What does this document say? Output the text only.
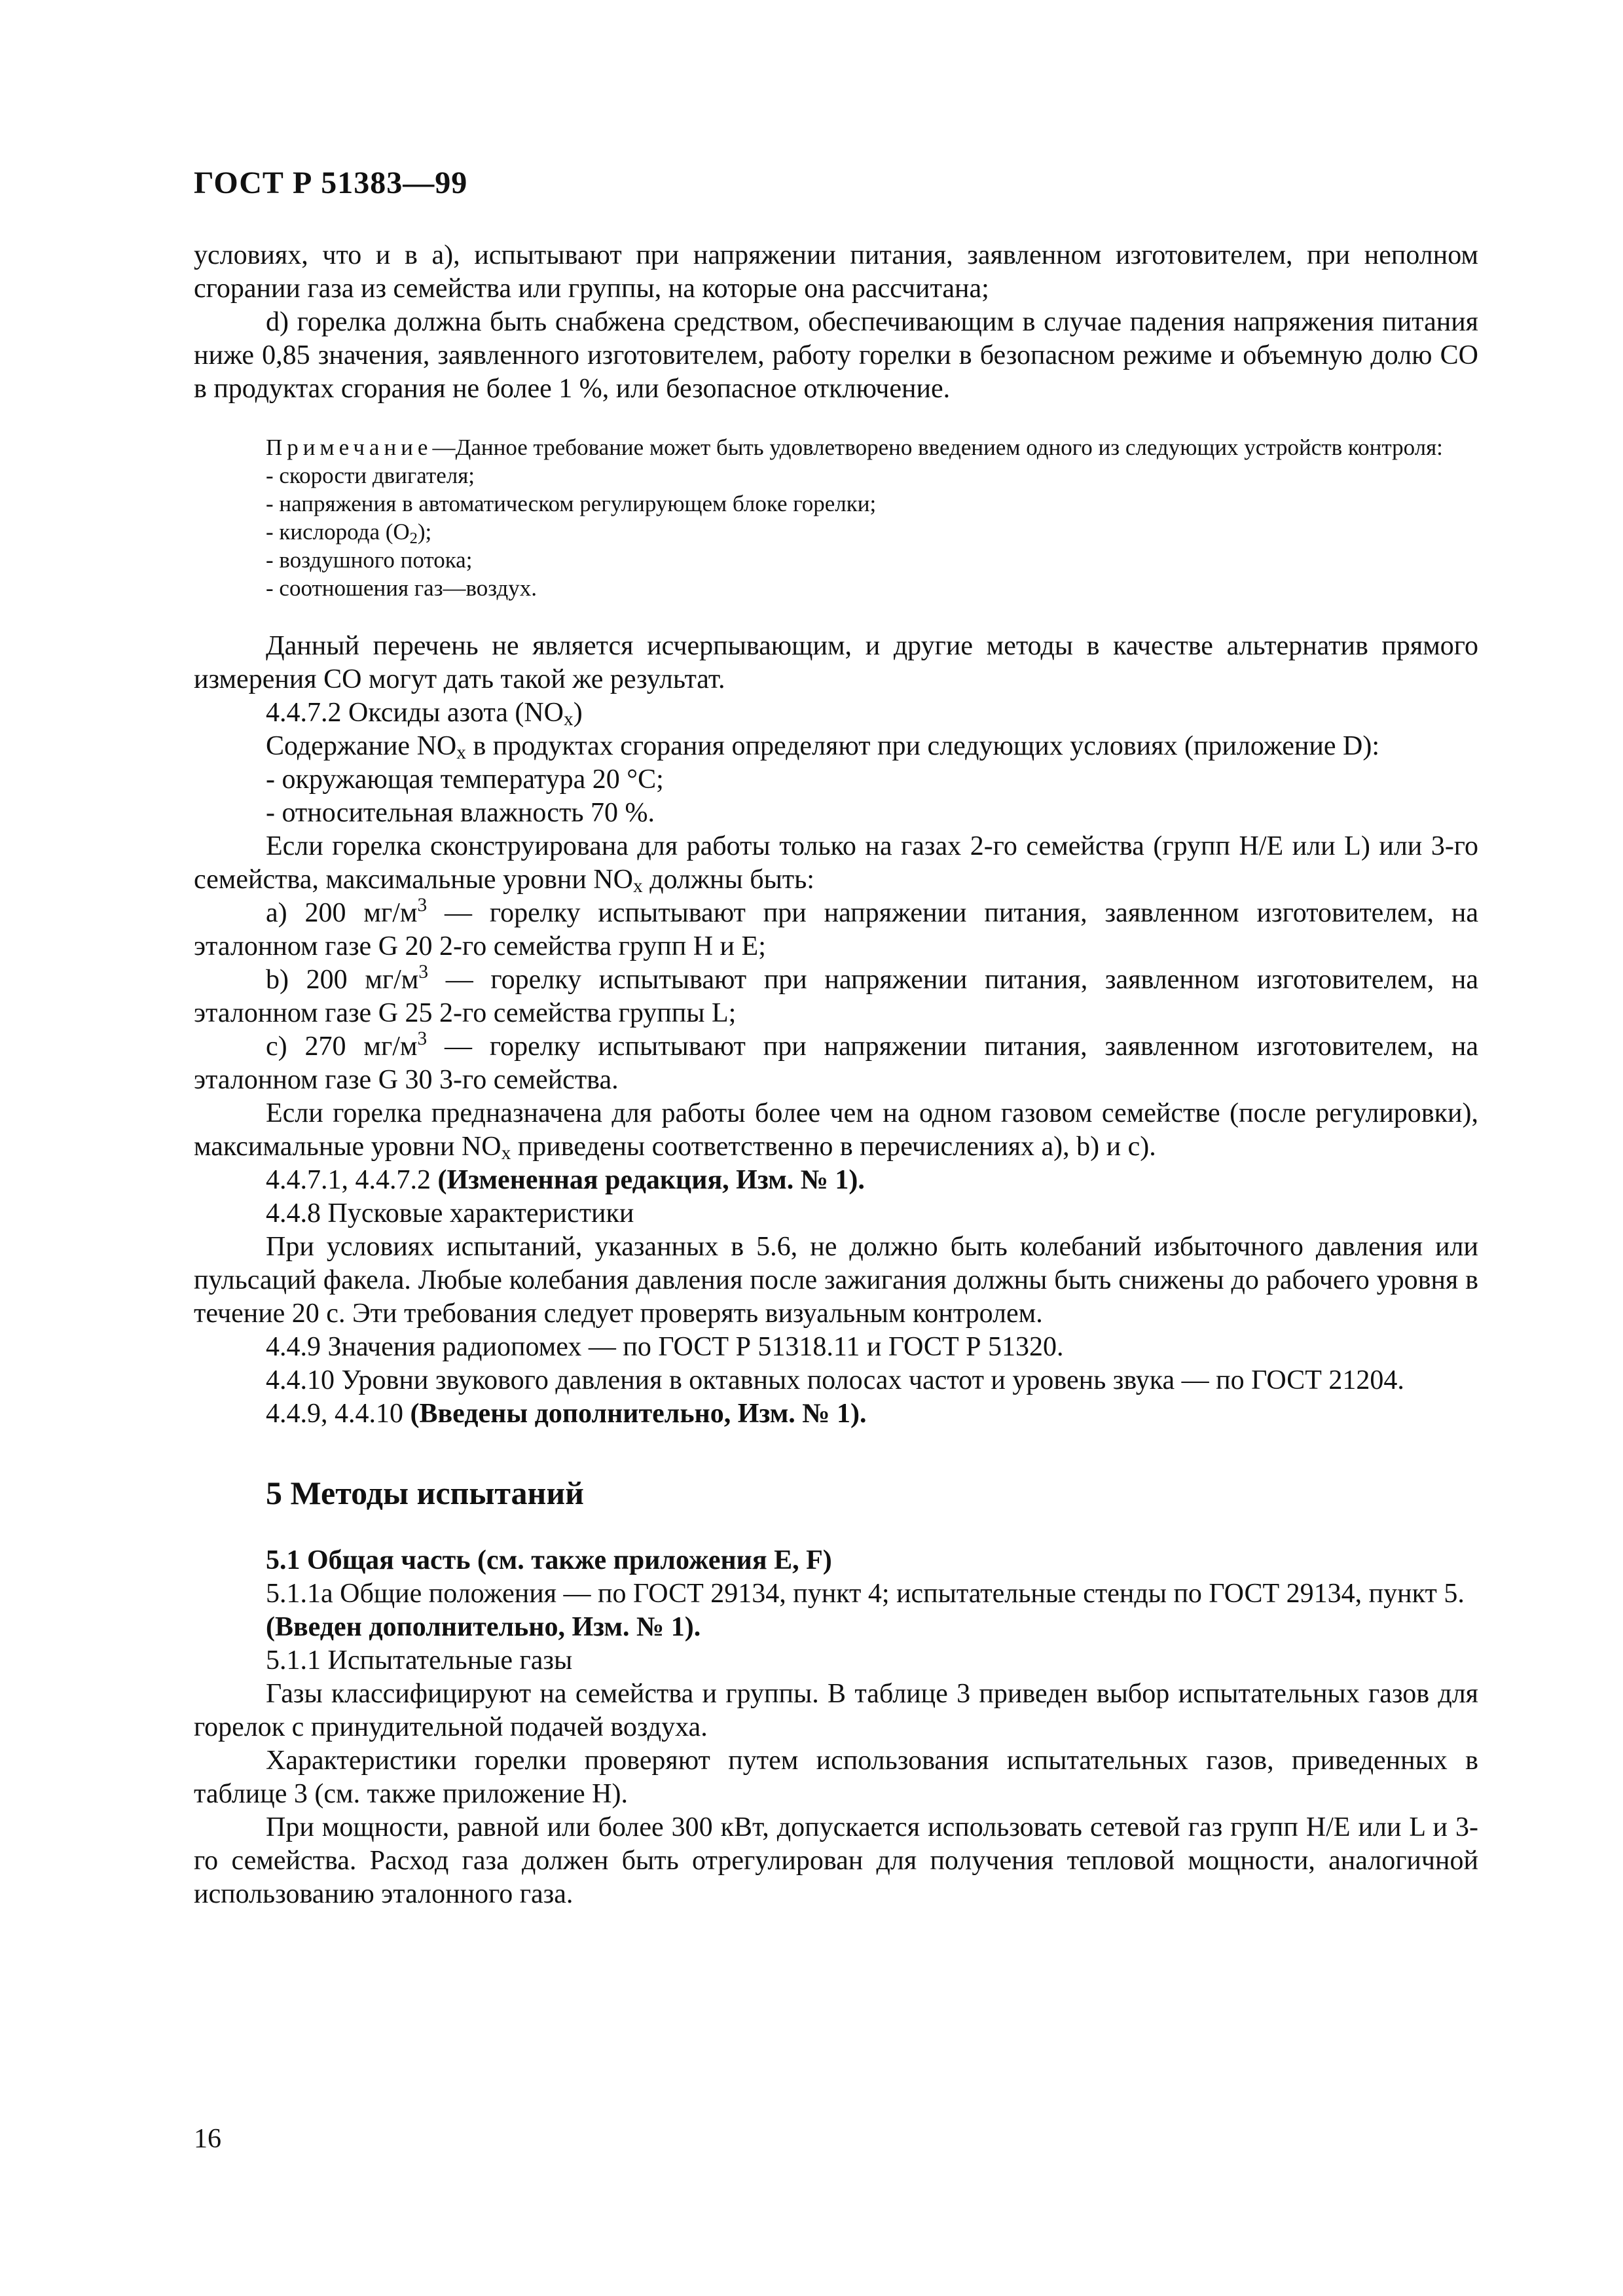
ГОСТ Р 51383—99

условиях, что и в а), испытывают при напряжении питания, заявленном изготовителем, при неполном сгорании газа из семейства или группы, на которые она рассчитана;

d) горелка должна быть снабжена средством, обеспечивающим в случае падения напряжения питания ниже 0,85 значения, заявленного изготовителем, работу горелки в безопасном режиме и объемную долю СО в продуктах сгорания не более 1 %, или безопасное отключение.

Примечание—Данное требование может быть удовлетворено введением одного из следующих устройств контроля:

- скорости двигателя;

- напряжения в автоматическом регулирующем блоке горелки;

- кислорода $(O_2)$;

- воздушного потока;

- соотношения газ—воздух.

Данный перечень не является исчерпывающим, и другие методы в качестве альтернатив прямого измерения СО могут дать такой же результат.

4.4.7.2 Оксиды азота $(NO_x)$

Содержание $NO_x$ в продуктах сгорания определяют при следующих условиях (приложение D):

- окружающая температура 20 °С;

- относительная влажность 70 %.

Если горелка сконструирована для работы только на газах 2-го семейства (групп Н/Е или L) или 3-го семейства, максимальные уровни $NO_x$ должны быть:

а) 200 $мг/м^3$ — горелку испытывают при напряжении питания, заявленном изготовителем, на эталонном газе G 20 2-го семейства групп Н и Е;

b) 200 $мг/м^3$ — горелку испытывают при напряжении питания, заявленном изготовителем, на эталонном газе G 25 2-го семейства группы L;

с) 270 $мг/м^3$ — горелку испытывают при напряжении питания, заявленном изготовителем, на эталонном газе G 30 3-го семейства.

Если горелка предназначена для работы более чем на одном газовом семействе (после регулировки), максимальные уровни $NO_x$ приведены соответственно в перечислениях а), b) и с).

4.4.7.1, 4.4.7.2 (Измененная редакция, Изм. № 1).

4.4.8 Пусковые характеристики

При условиях испытаний, указанных в 5.6, не должно быть колебаний избыточного давления или пульсаций факела. Любые колебания давления после зажигания должны быть снижены до рабочего уровня в течение 20 с. Эти требования следует проверять визуальным контролем.

4.4.9 Значения радиопомех — по ГОСТ Р 51318.11 и ГОСТ Р 51320.

4.4.10 Уровни звукового давления в октавных полосах частот и уровень звука — по ГОСТ 21204.

4.4.9, 4.4.10 (Введены дополнительно, Изм. № 1).

5 Методы испытаний

5.1 Общая часть (см. также приложения Е, F)

5.1.1а Общие положения — по ГОСТ 29134, пункт 4; испытательные стенды по ГОСТ 29134, пункт 5.

(Введен дополнительно, Изм. № 1).

5.1.1 Испытательные газы

Газы классифицируют на семейства и группы. В таблице 3 приведен выбор испытательных газов для горелок с принудительной подачей воздуха.

Характеристики горелки проверяют путем использования испытательных газов, приведенных в таблице 3 (см. также приложение Н).

При мощности, равной или более 300 кВт, допускается использовать сетевой газ групп Н/Е или L и 3-го семейства. Расход газа должен быть отрегулирован для получения тепловой мощности, аналогичной использованию эталонного газа.

16
